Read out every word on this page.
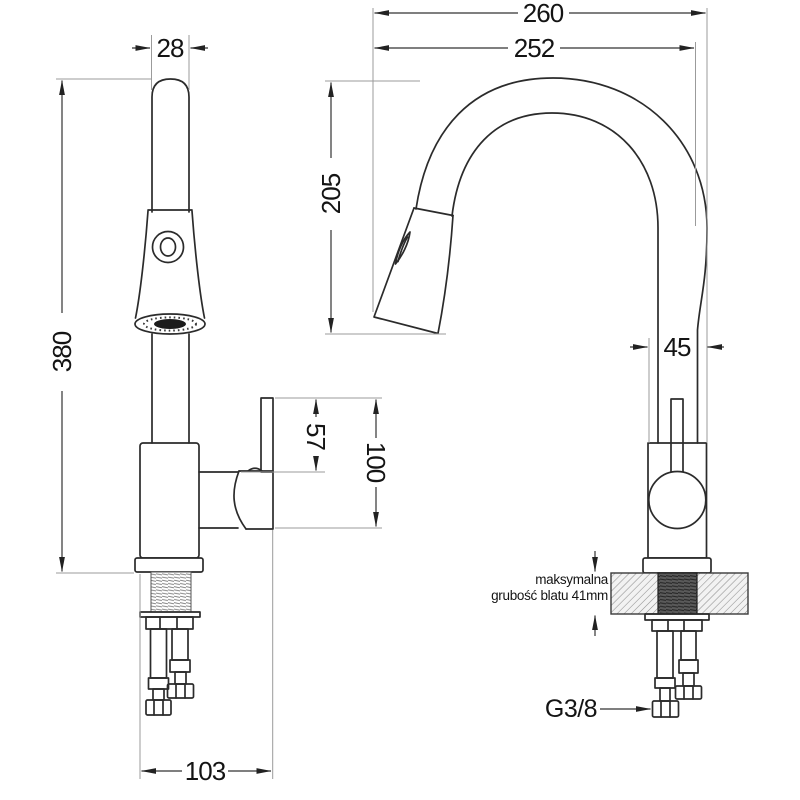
28
380
57
100
103
260
252
205
45
maksymalna
grubość blatu 41mm
G3/8
